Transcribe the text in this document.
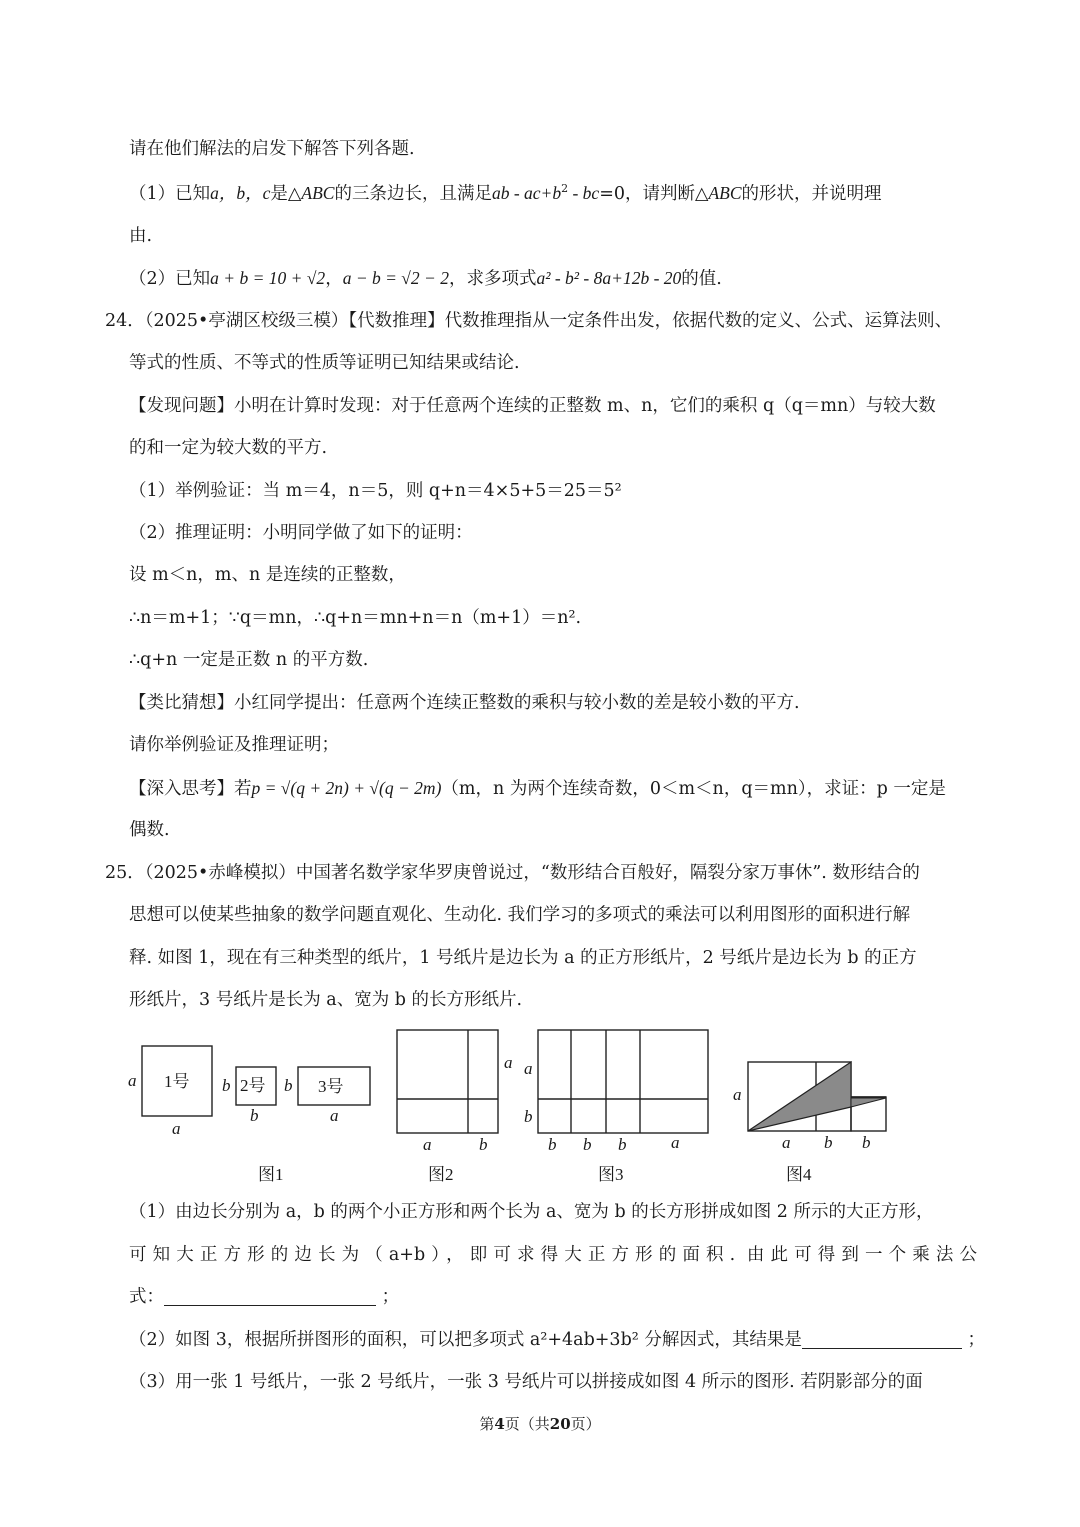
请在他们解法的启发下解答下列各题.
（1）已知a，b，c是△ABC的三条边长，且满足ab - $ac+b^2 - bc=0$，请判断△ABC的形状，并说明理
由.
（2）已知a + b = 10 + √2，a − b = √2 − 2，求多项式a² - b² - 8a+12b - 20的值.
24．（2025•亭湖区校级三模）【代数推理】代数推理指从一定条件出发，依据代数的定义、公式、运算法则、
等式的性质、不等式的性质等证明已知结果或结论.
【发现问题】小明在计算时发现：对于任意两个连续的正整数 m、n，它们的乘积 q（q＝mn）与较大数
的和一定为较大数的平方.
（1）举例验证：当 m＝4，n＝5，则 q+n＝4×5+5＝25＝5²
（2）推理证明：小明同学做了如下的证明：
设 m＜n，m、n 是连续的正整数，
∴n＝m+1；∵q＝mn，∴q+n＝mn+n＝n（m+1）＝n².
∴q+n 一定是正数 n 的平方数.
【类比猜想】小红同学提出：任意两个连续正整数的乘积与较小数的差是较小数的平方.
请你举例验证及推理证明；
【深入思考】若p = √(q + 2n) + √(q − 2m)（m，n 为两个连续奇数，0＜m＜n，q＝mn），求证：p 一定是
偶数.
25．（2025•赤峰模拟）中国著名数学家华罗庚曾说过，“数形结合百般好，隔裂分家万事休”. 数形结合的
思想可以使某些抽象的数学问题直观化、生动化. 我们学习的多项式的乘法可以利用图形的面积进行解
释. 如图 1，现在有三种类型的纸片，1 号纸片是边长为 a 的正方形纸片，2 号纸片是边长为 b 的正方
形纸片，3 号纸片是长为 a、宽为 b 的长方形纸片.
a
a
1号 b 2号
b
b 3号
a
图1
a
a	b
图2
a
b
b b b	a
图3
a
a b b
图4
（1）由边长分别为 a，b 的两个小正方形和两个长为 a、宽为 b 的长方形拼成如图 2 所示的大正方形，
可知大正方形的边长为（a+b），即可求得大正方形的面积. 由此可得到一个乘法公
式：	；
（2）如图 3，根据所拼图形的面积，可以把多项式 a²+4ab+3b² 分解因式，其结果是	；
（3）用一张 1 号纸片，一张 2 号纸片，一张 3 号纸片可以拼接成如图 4 所示的图形. 若阴影部分的面
第4页（共20页）
